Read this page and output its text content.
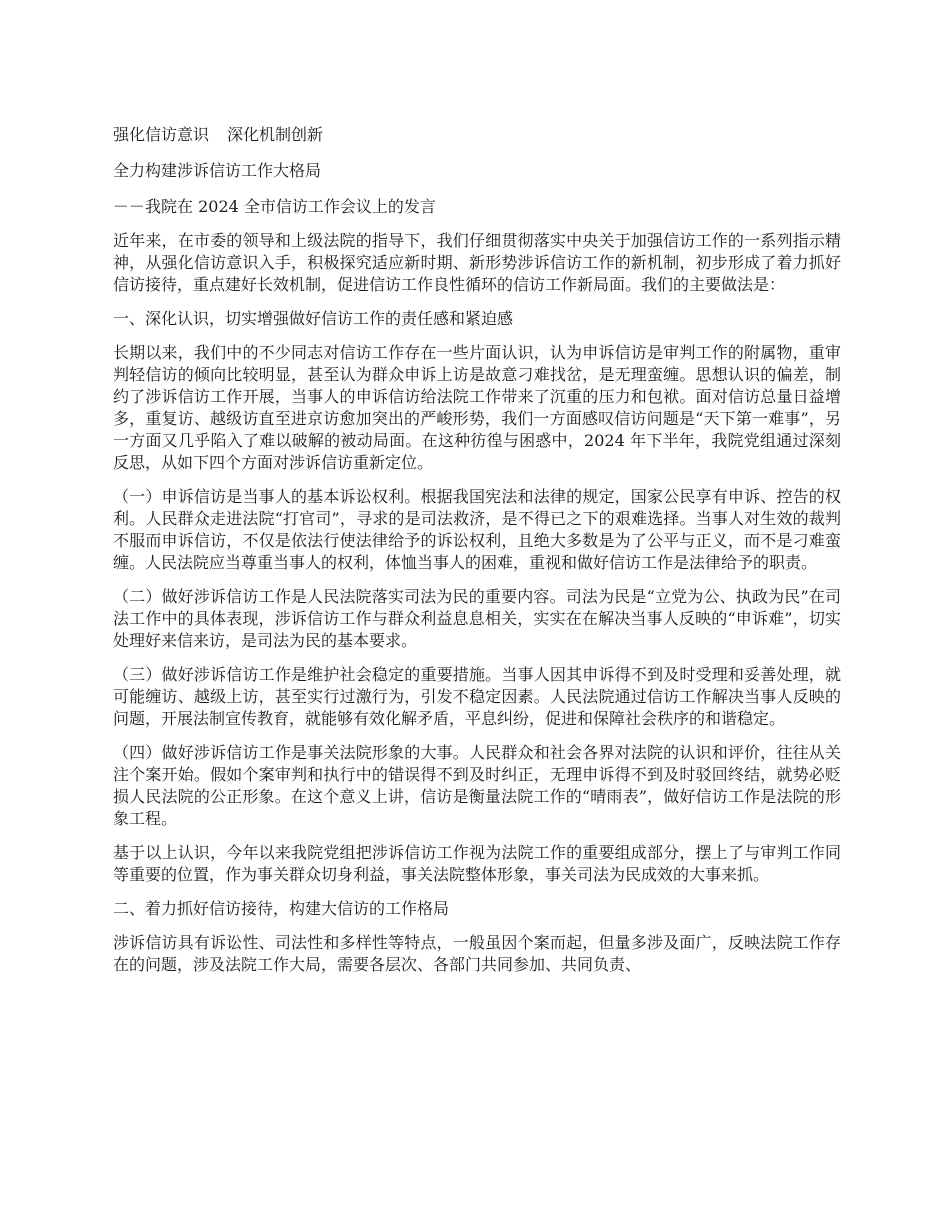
强化信访意识 深化机制创新
全力构建涉诉信访工作大格局
－－我院在 2024 全市信访工作会议上的发言

近年来，在市委的领导和上级法院的指导下，我们仔细贯彻落实中央关于加强信访工作的一系列指示精神，从强化信访意识入手，积极探究适应新时期、新形势涉诉信访工作的新机制，初步形成了着力抓好信访接待，重点建好长效机制，促进信访工作良性循环的信访工作新局面。我们的主要做法是：

一、深化认识，切实增强做好信访工作的责任感和紧迫感

长期以来，我们中的不少同志对信访工作存在一些片面认识，认为申诉信访是审判工作的附属物，重审判轻信访的倾向比较明显，甚至认为群众申诉上访是故意刁难找岔，是无理蛮缠。思想认识的偏差，制约了涉诉信访工作开展，当事人的申诉信访给法院工作带来了沉重的压力和包袱。面对信访总量日益增多，重复访、越级访直至进京访愈加突出的严峻形势，我们一方面感叹信访问题是“天下第一难事”，另一方面又几乎陷入了难以破解的被动局面。在这种彷徨与困惑中，2024 年下半年，我院党组通过深刻反思，从如下四个方面对涉诉信访重新定位。

（一）申诉信访是当事人的基本诉讼权利。根据我国宪法和法律的规定，国家公民享有申诉、控告的权利。人民群众走进法院“打官司”，寻求的是司法救济，是不得已之下的艰难选择。当事人对生效的裁判不服而申诉信访，不仅是依法行使法律给予的诉讼权利，且绝大多数是为了公平与正义，而不是刁难蛮缠。人民法院应当尊重当事人的权利，体恤当事人的困难，重视和做好信访工作是法律给予的职责。

（二）做好涉诉信访工作是人民法院落实司法为民的重要内容。司法为民是“立党为公、执政为民”在司法工作中的具体表现，涉诉信访工作与群众利益息息相关，实实在在解决当事人反映的“申诉难”，切实处理好来信来访，是司法为民的基本要求。

（三）做好涉诉信访工作是维护社会稳定的重要措施。当事人因其申诉得不到及时受理和妥善处理，就可能缠访、越级上访，甚至实行过激行为，引发不稳定因素。人民法院通过信访工作解决当事人反映的问题，开展法制宣传教育，就能够有效化解矛盾，平息纠纷，促进和保障社会秩序的和谐稳定。

（四）做好涉诉信访工作是事关法院形象的大事。人民群众和社会各界对法院的认识和评价，往往从关注个案开始。假如个案审判和执行中的错误得不到及时纠正，无理申诉得不到及时驳回终结，就势必贬损人民法院的公正形象。在这个意义上讲，信访是衡量法院工作的“晴雨表”，做好信访工作是法院的形象工程。

基于以上认识，今年以来我院党组把涉诉信访工作视为法院工作的重要组成部分，摆上了与审判工作同等重要的位置，作为事关群众切身利益，事关法院整体形象，事关司法为民成效的大事来抓。

二、着力抓好信访接待，构建大信访的工作格局

涉诉信访具有诉讼性、司法性和多样性等特点，一般虽因个案而起，但量多涉及面广，反映法院工作存在的问题，涉及法院工作大局，需要各层次、各部门共同参加、共同负责、
